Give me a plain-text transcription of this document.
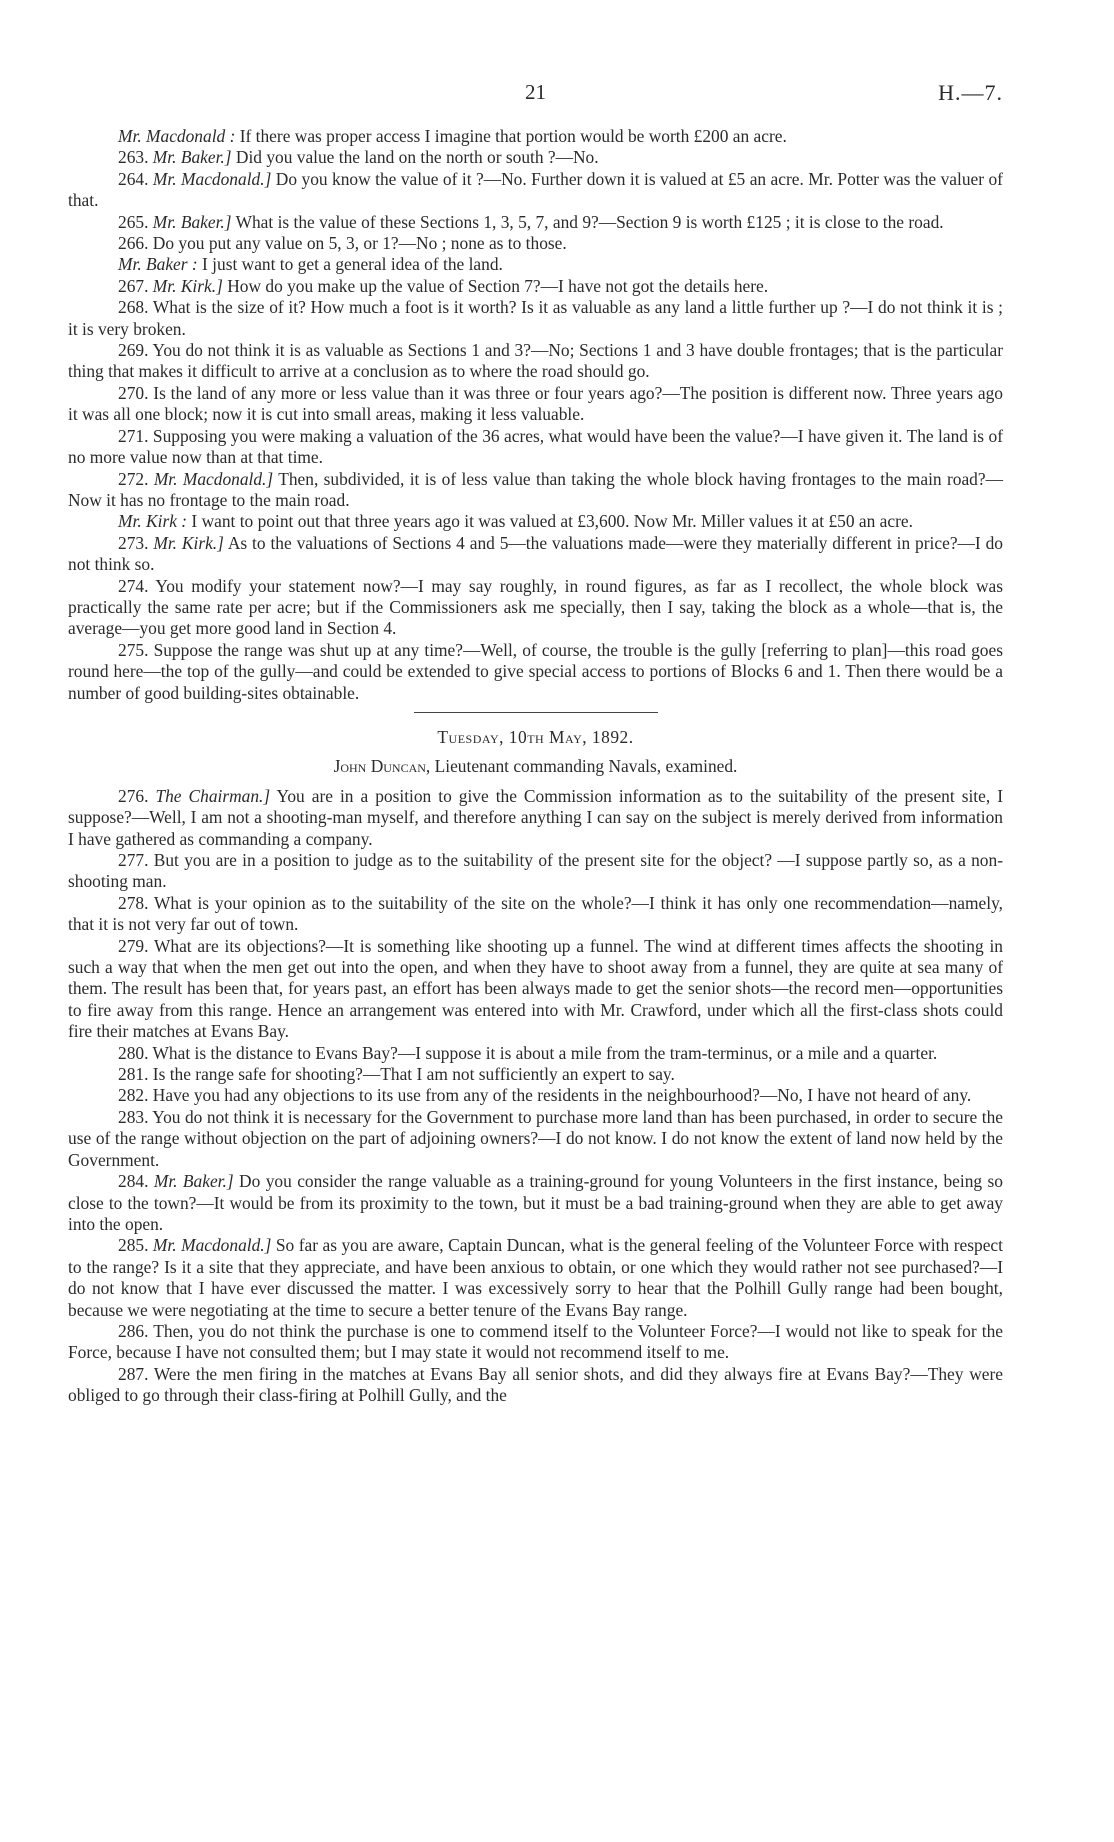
21	H.—7.

Mr. Macdonald : If there was proper access I imagine that portion would be worth £200 an acre.

263. Mr. Baker.] Did you value the land on the north or south ?—No.

264. Mr. Macdonald.] Do you know the value of it ?—No. Further down it is valued at £5 an acre. Mr. Potter was the valuer of that.

265. Mr. Baker.] What is the value of these Sections 1, 3, 5, 7, and 9?—Section 9 is worth £125 ; it is close to the road.

266. Do you put any value on 5, 3, or 1?—No ; none as to those.

Mr. Baker : I just want to get a general idea of the land.

267. Mr. Kirk.] How do you make up the value of Section 7?—I have not got the details here.

268. What is the size of it? How much a foot is it worth? Is it as valuable as any land a little further up ?—I do not think it is ; it is very broken.

269. You do not think it is as valuable as Sections 1 and 3?—No; Sections 1 and 3 have double frontages; that is the particular thing that makes it difficult to arrive at a conclusion as to where the road should go.

270. Is the land of any more or less value than it was three or four years ago?—The position is different now. Three years ago it was all one block; now it is cut into small areas, making it less valuable.

271. Supposing you were making a valuation of the 36 acres, what would have been the value?—I have given it. The land is of no more value now than at that time.

272. Mr. Macdonald.] Then, subdivided, it is of less value than taking the whole block having frontages to the main road?—Now it has no frontage to the main road.

Mr. Kirk : I want to point out that three years ago it was valued at £3,600. Now Mr. Miller values it at £50 an acre.

273. Mr. Kirk.] As to the valuations of Sections 4 and 5—the valuations made—were they materially different in price?—I do not think so.

274. You modify your statement now?—I may say roughly, in round figures, as far as I recollect, the whole block was practically the same rate per acre; but if the Commissioners ask me specially, then I say, taking the block as a whole—that is, the average—you get more good land in Section 4.

275. Suppose the range was shut up at any time?—Well, of course, the trouble is the gully [referring to plan]—this road goes round here—the top of the gully—and could be extended to give special access to portions of Blocks 6 and 1. Then there would be a number of good building-sites obtainable.

Tuesday, 10th May, 1892.
John Duncan, Lieutenant commanding Navals, examined.

276. The Chairman.] You are in a position to give the Commission information as to the suitability of the present site, I suppose?—Well, I am not a shooting-man myself, and therefore anything I can say on the subject is merely derived from information I have gathered as commanding a company.

277. But you are in a position to judge as to the suitability of the present site for the object? —I suppose partly so, as a non-shooting man.

278. What is your opinion as to the suitability of the site on the whole?—I think it has only one recommendation—namely, that it is not very far out of town.

279. What are its objections?—It is something like shooting up a funnel. The wind at different times affects the shooting in such a way that when the men get out into the open, and when they have to shoot away from a funnel, they are quite at sea many of them. The result has been that, for years past, an effort has been always made to get the senior shots—the record men—opportunities to fire away from this range. Hence an arrangement was entered into with Mr. Crawford, under which all the first-class shots could fire their matches at Evans Bay.

280. What is the distance to Evans Bay?—I suppose it is about a mile from the tram-terminus, or a mile and a quarter.

281. Is the range safe for shooting?—That I am not sufficiently an expert to say.

282. Have you had any objections to its use from any of the residents in the neighbourhood?—No, I have not heard of any.

283. You do not think it is necessary for the Government to purchase more land than has been purchased, in order to secure the use of the range without objection on the part of adjoining owners?—I do not know. I do not know the extent of land now held by the Government.

284. Mr. Baker.] Do you consider the range valuable as a training-ground for young Volunteers in the first instance, being so close to the town?—It would be from its proximity to the town, but it must be a bad training-ground when they are able to get away into the open.

285. Mr. Macdonald.] So far as you are aware, Captain Duncan, what is the general feeling of the Volunteer Force with respect to the range? Is it a site that they appreciate, and have been anxious to obtain, or one which they would rather not see purchased?—I do not know that I have ever discussed the matter. I was excessively sorry to hear that the Polhill Gully range had been bought, because we were negotiating at the time to secure a better tenure of the Evans Bay range.

286. Then, you do not think the purchase is one to commend itself to the Volunteer Force?—I would not like to speak for the Force, because I have not consulted them; but I may state it would not recommend itself to me.

287. Were the men firing in the matches at Evans Bay all senior shots, and did they always fire at Evans Bay?—They were obliged to go through their class-firing at Polhill Gully, and the
